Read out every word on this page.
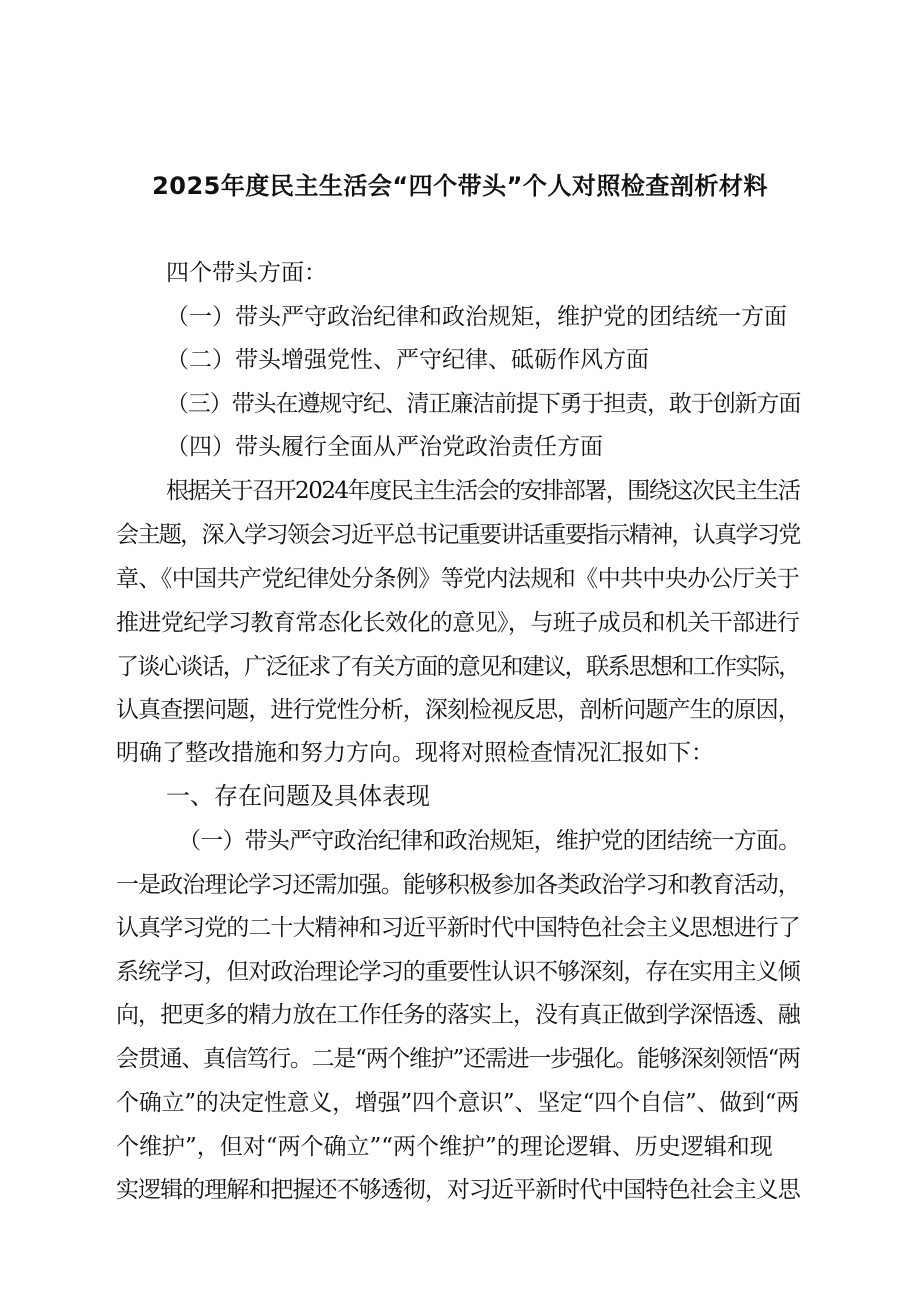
2025年度民主生活会“四个带头”个人对照检查剖析材料
四个带头方面：
（一）带头严守政治纪律和政治规矩，维护党的团结统一方面
（二）带头增强党性、严守纪律、砥砺作风方面
（三）带头在遵规守纪、清正廉洁前提下勇于担责，敢于创新方面
（四）带头履行全面从严治党政治责任方面
根据关于召开2024年度民主生活会的安排部署，围绕这次民主生活
会主题，深入学习领会习近平总书记重要讲话重要指示精神，认真学习党
章、《中国共产党纪律处分条例》等党内法规和《中共中央办公厅关于
推进党纪学习教育常态化长效化的意见》，与班子成员和机关干部进行
了谈心谈话，广泛征求了有关方面的意见和建议，联系思想和工作实际，
认真查摆问题，进行党性分析，深刻检视反思，剖析问题产生的原因，
明确了整改措施和努力方向。现将对照检查情况汇报如下：
一、存在问题及具体表现
（一）带头严守政治纪律和政治规矩，维护党的团结统一方面。
一是政治理论学习还需加强。能够积极参加各类政治学习和教育活动，
认真学习党的二十大精神和习近平新时代中国特色社会主义思想进行了
系统学习，但对政治理论学习的重要性认识不够深刻，存在实用主义倾
向，把更多的精力放在工作任务的落实上，没有真正做到学深悟透、融
会贯通、真信笃行。二是“两个维护”还需进一步强化。能够深刻领悟“两
个确立”的决定性意义，增强”四个意识”、坚定“四个自信”、做到“两
个维护”，但对“两个确立”“两个维护”的理论逻辑、历史逻辑和现
实逻辑的理解和把握还不够透彻，对习近平新时代中国特色社会主义思
